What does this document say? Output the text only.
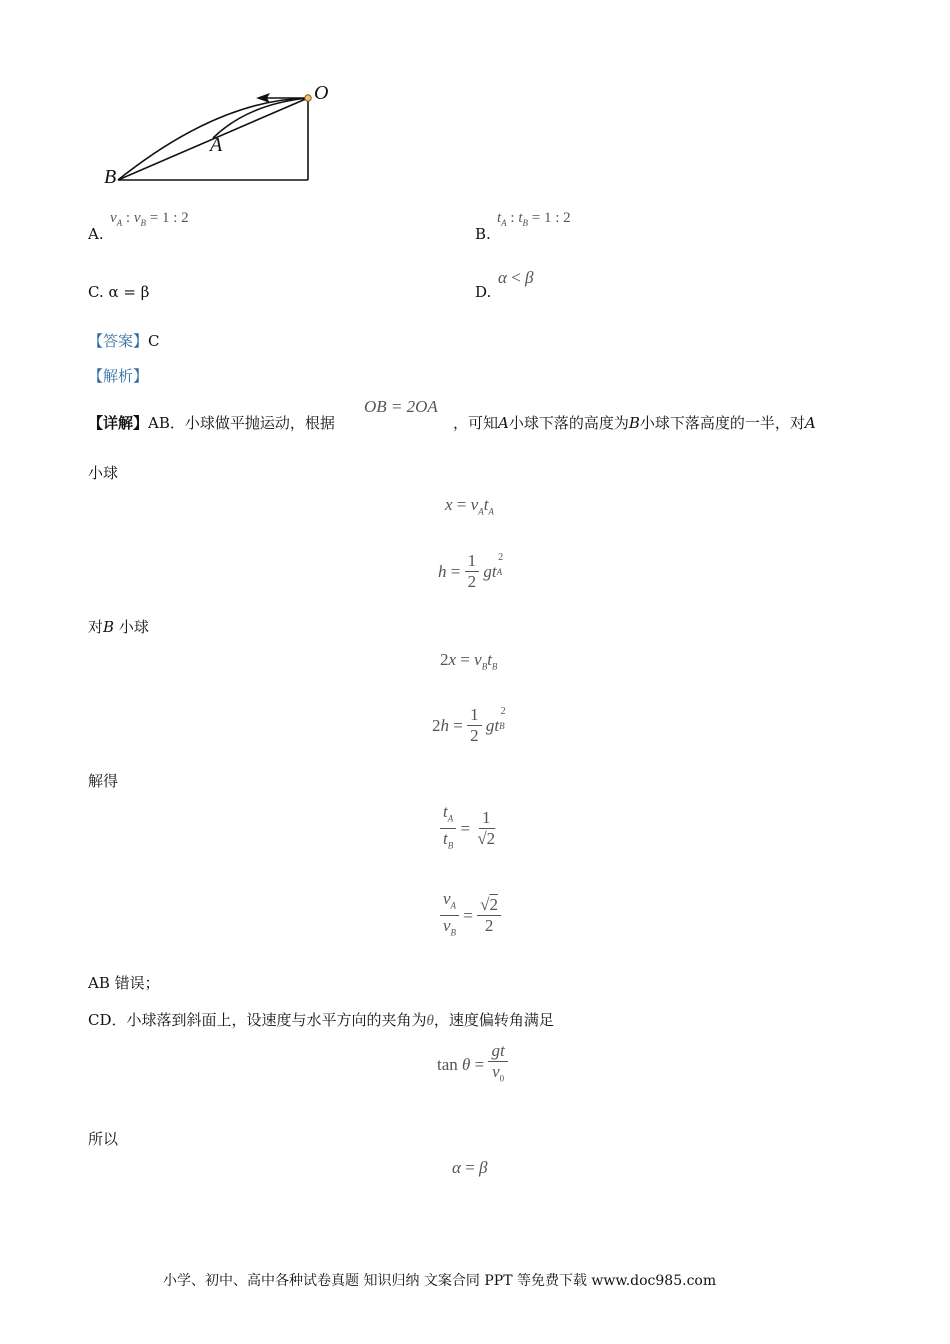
O
A
B
A.
$v_A$ : $v_B = 1$ : 2
B.
$t_A$ : $t_B = 1$ : 2
C. α = β	D.
α < β
【答案】C
【解析】
【详解】AB．小球做平抛运动，根据
OB = 2OA
，可知A小球下落的高度为B小球下落高度的一半，对A
小球
$x = v_At_A$
$h = \frac{1}{2}$
g t A
$^2$
对B 小球
$2x = v_Bt_B$
2 $h = \frac{1}{2}$
g t B
$^2$
解得
$\frac{t_A}{t_B} = \frac{1}{√2}$
$\frac{v_A}{v_B} = \frac{√2}{2}$
AB 错误；
CD．小球落到斜面上，设速度与水平方向的夹角为θ，速度偏转角满足
$\tan \theta = \frac{gt}{v_0}$
所以
α = β
小学、初中、高中各种试卷真题 知识归纳 文案合同 PPT 等免费下载 www.doc985.com
